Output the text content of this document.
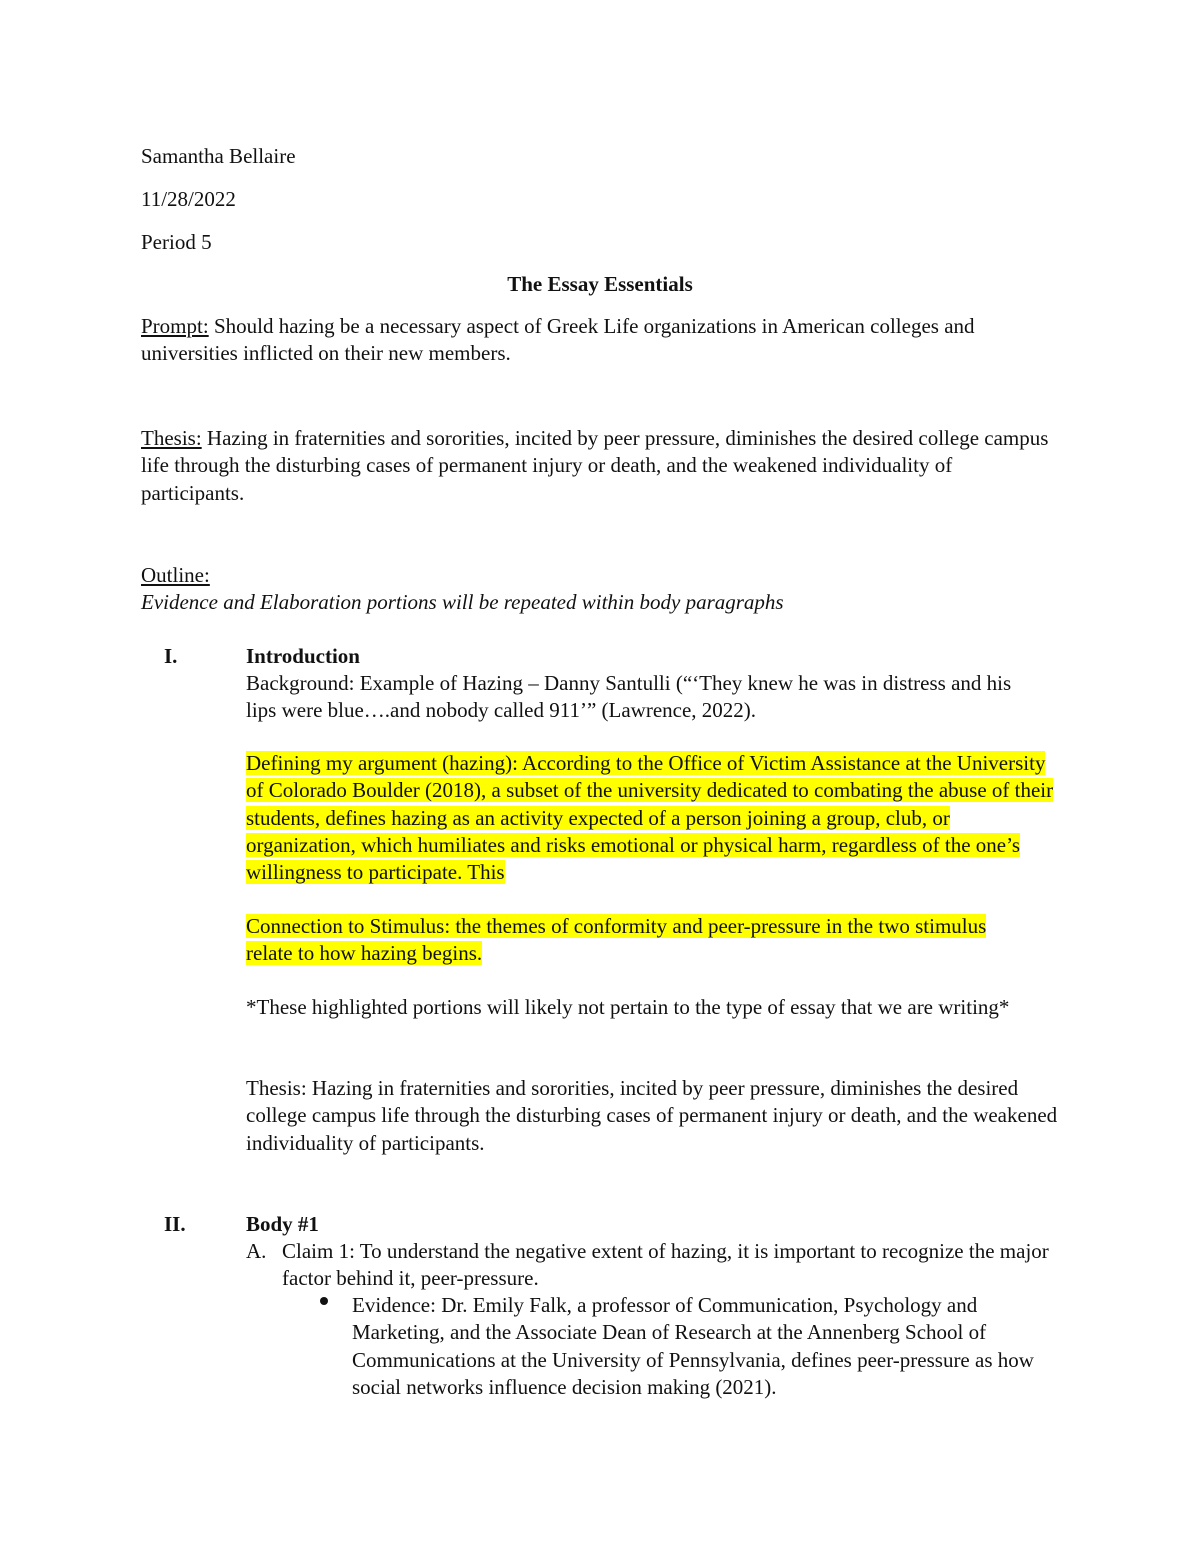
Samantha Bellaire
11/28/2022
Period 5
The Essay Essentials
Prompt: Should hazing be a necessary aspect of Greek Life organizations in American colleges and universities inflicted on their new members.
Thesis: Hazing in fraternities and sororities, incited by peer pressure, diminishes the desired college campus life through the disturbing cases of permanent injury or death, and the weakened individuality of participants.
Outline:
Evidence and Elaboration portions will be repeated within body paragraphs
I.	Introduction
Background: Example of Hazing – Danny Santulli (“‘They knew he was in distress and his lips were blue….and nobody called 911’” (Lawrence, 2022).
Defining my argument (hazing): According to the Office of Victim Assistance at the University of Colorado Boulder (2018), a subset of the university dedicated to combating the abuse of their students, defines hazing as an activity expected of a person joining a group, club, or organization, which humiliates and risks emotional or physical harm, regardless of the one’s willingness to participate. This
Connection to Stimulus: the themes of conformity and peer-pressure in the two stimulus relate to how hazing begins.
*These highlighted portions will likely not pertain to the type of essay that we are writing*
Thesis: Hazing in fraternities and sororities, incited by peer pressure, diminishes the desired college campus life through the disturbing cases of permanent injury or death, and the weakened individuality of participants.
II.	Body #1
A. Claim 1: To understand the negative extent of hazing, it is important to recognize the major factor behind it, peer-pressure.
Evidence: Dr. Emily Falk, a professor of Communication, Psychology and Marketing, and the Associate Dean of Research at the Annenberg School of Communications at the University of Pennsylvania, defines peer-pressure as how social networks influence decision making (2021).
